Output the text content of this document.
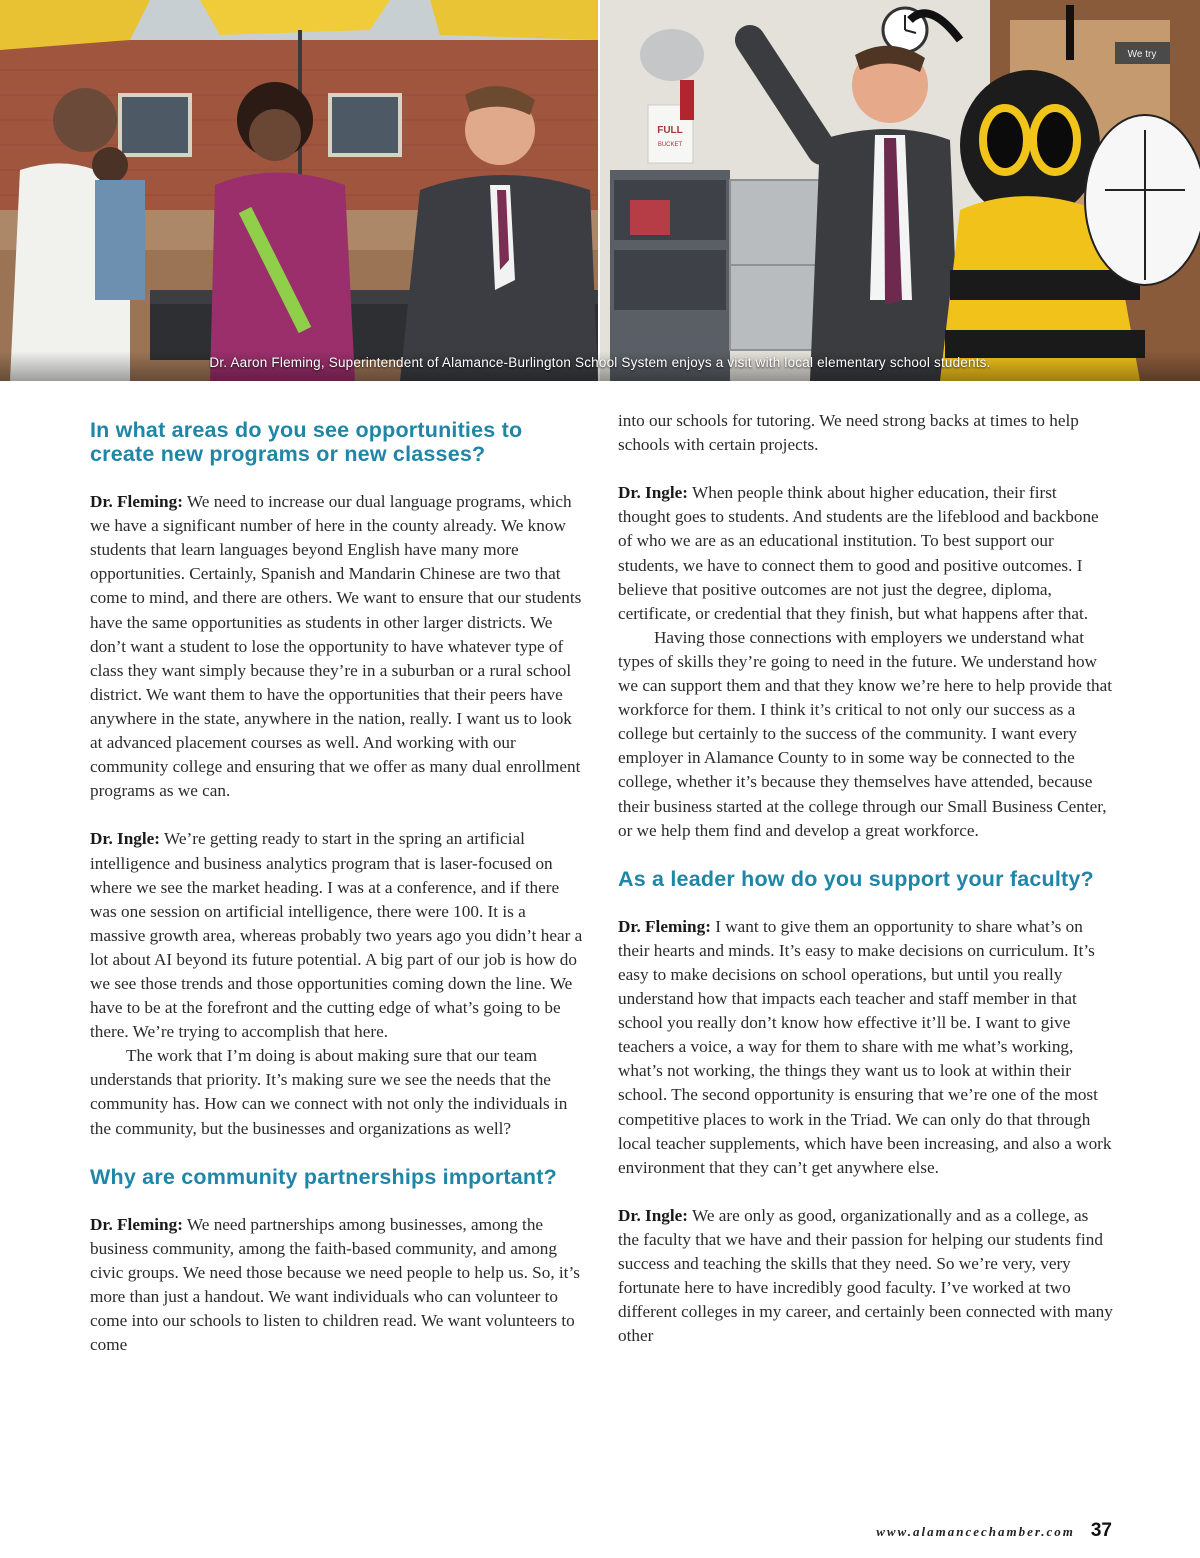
FULL
BUCKET
We try
Dr. Aaron Fleming, Superintendent of Alamance-Burlington School System enjoys a visit with local elementary school students.
In what areas do you see opportunities to create new programs or new classes?

Dr. Fleming: We need to increase our dual language programs, which we have a significant number of here in the county already. We know students that learn languages beyond English have many more opportunities. Certainly, Spanish and Mandarin Chinese are two that come to mind, and there are others. We want to ensure that our students have the same opportunities as students in other larger districts. We don’t want a student to lose the opportunity to have whatever type of class they want simply because they’re in a suburban or a rural school district. We want them to have the opportunities that their peers have anywhere in the state, anywhere in the nation, really. I want us to look at advanced placement courses as well. And working with our community college and ensuring that we offer as many dual enrollment programs as we can.

Dr. Ingle: We’re getting ready to start in the spring an artificial intelligence and business analytics program that is laser-focused on where we see the market heading. I was at a conference, and if there was one session on artificial intelligence, there were 100. It is a massive growth area, whereas probably two years ago you didn’t hear a lot about AI beyond its future potential. A big part of our job is how do we see those trends and those opportunities coming down the line. We have to be at the forefront and the cutting edge of what’s going to be there. We’re trying to accomplish that here.

The work that I’m doing is about making sure that our team understands that priority. It’s making sure we see the needs that the community has. How can we connect with not only the individuals in the community, but the businesses and organizations as well?

Why are community partnerships important?

Dr. Fleming: We need partnerships among businesses, among the business community, among the faith-based community, and among civic groups. We need those because we need people to help us. So, it’s more than just a handout. We want individuals who can volunteer to come into our schools to listen to children read. We want volunteers to come

into our schools for tutoring. We need strong backs at times to help schools with certain projects.

Dr. Ingle: When people think about higher education, their first thought goes to students. And students are the lifeblood and backbone of who we are as an educational institution. To best support our students, we have to connect them to good and positive outcomes. I believe that positive outcomes are not just the degree, diploma, certificate, or credential that they finish, but what happens after that.

Having those connections with employers we understand what types of skills they’re going to need in the future. We understand how we can support them and that they know we’re here to help provide that workforce for them. I think it’s critical to not only our success as a college but certainly to the success of the community. I want every employer in Alamance County to in some way be connected to the college, whether it’s because they themselves have attended, because their business started at the college through our Small Business Center, or we help them find and develop a great workforce.

As a leader how do you support your faculty?

Dr. Fleming: I want to give them an opportunity to share what’s on their hearts and minds. It’s easy to make decisions on curriculum. It’s easy to make decisions on school operations, but until you really understand how that impacts each teacher and staff member in that school you really don’t know how effective it’ll be. I want to give teachers a voice, a way for them to share with me what’s working, what’s not working, the things they want us to look at within their school. The second opportunity is ensuring that we’re one of the most competitive places to work in the Triad. We can only do that through local teacher supplements, which have been increasing, and also a work environment that they can’t get anywhere else.

Dr. Ingle: We are only as good, organizationally and as a college, as the faculty that we have and their passion for helping our students find success and teaching the skills that they need. So we’re very, very fortunate here to have incredibly good faculty. I’ve worked at two different colleges in my career, and certainly been connected with many other

www.alamancechamber.com 37
